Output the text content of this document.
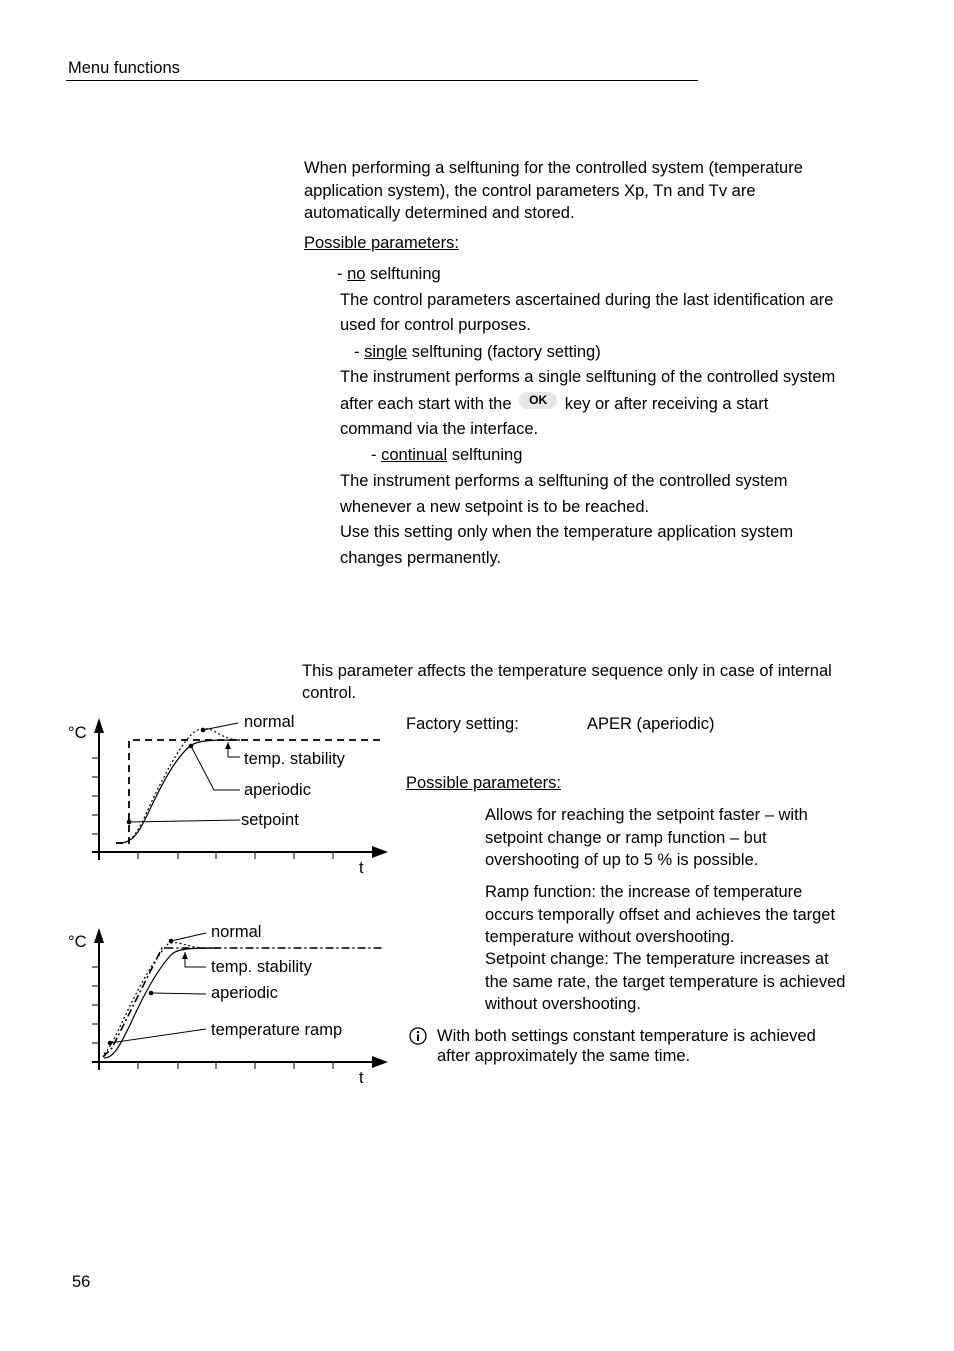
Menu functions
When performing a selftuning for the controlled system (temperature
application system), the control parameters Xp, Tn and Tv are
automatically determined and stored.
Possible parameters:
- no selftuning
The control parameters ascertained during the last identification are
used for control purposes.
- single selftuning (factory setting)
The instrument performs a single selftuning of the controlled system
after each start with the OK key or after receiving a start
command via the interface.
- continual selftuning
The instrument performs a selftuning of the controlled system
whenever a new setpoint is to be reached.
Use this setting only when the temperature application system
changes permanently.
This parameter affects the temperature sequence only in case of internal
control.
Factory setting:	APER (aperiodic)
Possible parameters:
Allows for reaching the setpoint faster – with
setpoint change or ramp function – but
overshooting of up to 5 % is possible.
Ramp function: the increase of temperature
occurs temporally offset and achieves the target
temperature without overshooting.
Setpoint change: The temperature increases at
the same rate, the target temperature is achieved
without overshooting.
With both settings constant temperature is achieved
after approximately the same time.
°C
t
normal
temp. stability
aperiodic
setpoint
°C
t
normal
temp. stability
aperiodic
temperature ramp
56
